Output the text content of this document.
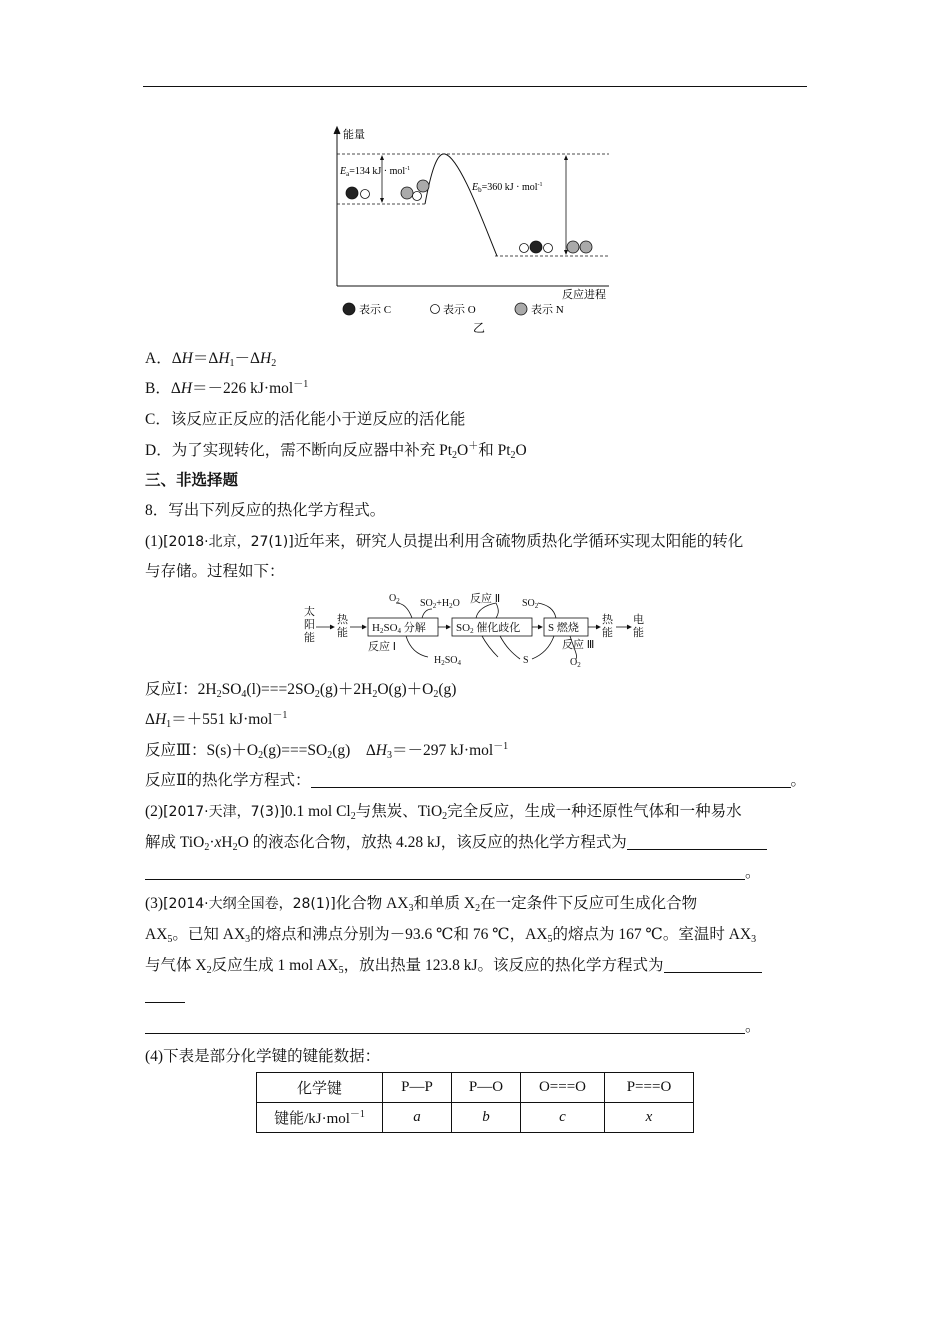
能量
$E_a=134$ kJ · mol$^{-1}$
$E_b=360$ kJ · mol$^{-1}$
反应进程
表示 C	表示 O	表示 N
乙
A．$\Delta H=\Delta H_1-\Delta H_2$
B．ΔH＝－226 kJ·mol$^{-1}$
C．该反应正反应的活化能小于逆反应的活化能
D．为了实现转化，需不断向反应器中补充 $Pt_2O^+$和 $Pt_2O$
三、非选择题
8．写出下列反应的热化学方程式。
(1)[2018·北京，27(1)]近年来，研究人员提出利用含硫物质热化学循环实现太阳能的转化
与存储。过程如下：
太
阳
能
热
能 H2SO4 分解	SO2 催化歧化	S 燃烧
热
能
电
能
$O_2$ $SO_2+H_2O$ 反应 Ⅱ $SO_2$
反应 Ⅰ
$H_2SO_4$	S
反应 Ⅲ
$O_2$
反应Ⅰ：$2H_2SO_4(l)===2SO_2(g)+2H_2O(g)+O_2(g)$
$\Delta H_1=+551$ kJ·mol$^{-1}$
反应Ⅲ：$S(s)+O_2(g)===SO_2(g)$　$\Delta H_3=-297$ kJ·mol$^{-1}$
反应Ⅱ的热化学方程式：	。
(2)[2017·天津，7(3)]0.1 mol $Cl_2$与焦炭、TiO$_2$完全反应，生成一种还原性气体和一种易水
解成 $TiO_2\cdot xH_2O$ 的液态化合物，放热 4.28 kJ，该反应的热化学方程式为
。
(3)[2014·大纲全国卷，28(1)]化合物 $AX_3$和单质 $X_2$在一定条件下反应可生成化合物
$AX_5$。已知 $AX_3$的熔点和沸点分别为－93.6 ℃和 76 ℃，$AX_5$的熔点为 167 ℃。室温时 $AX_3$
与气体 $X_2$反应生成 1 mol $AX_5$，放出热量 123.8 kJ。该反应的热化学方程式为
。
(4)下表是部分化学键的键能数据：
化学键	P—P	P—O	O===O	P===O
键能/kJ·mol$^{-1}$	a	b	c	x
